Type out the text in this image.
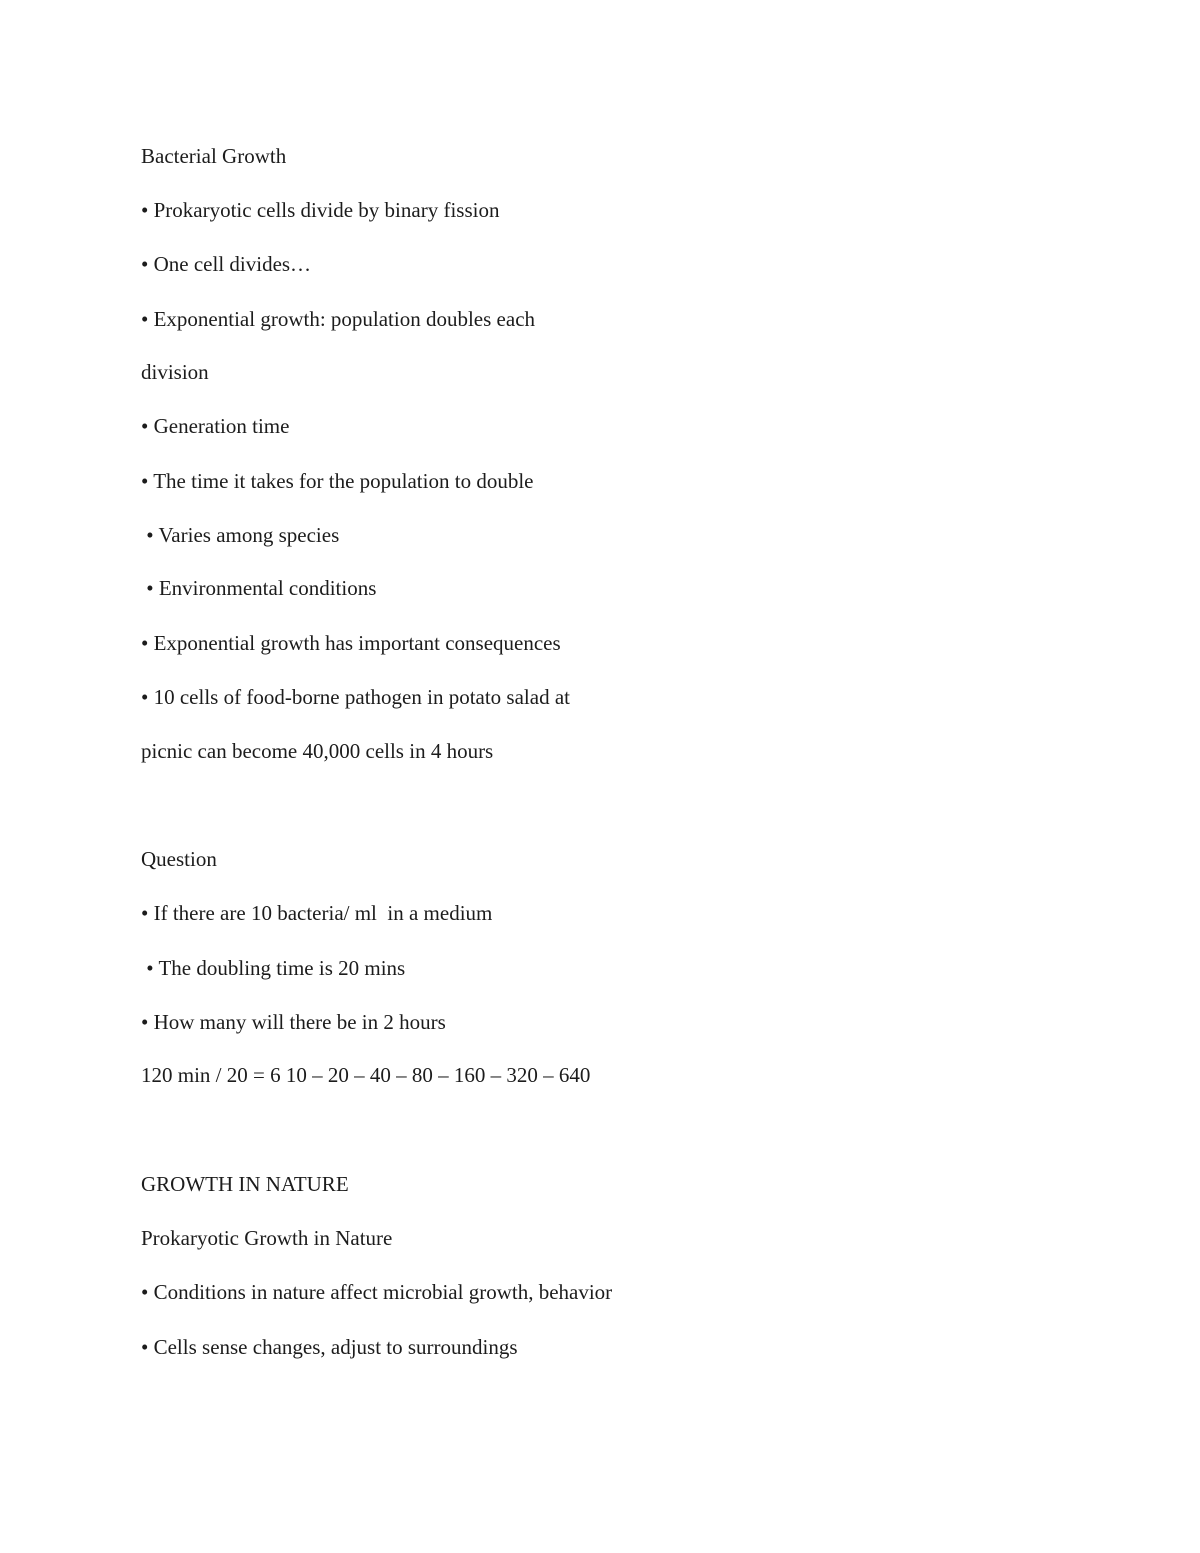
Bacterial Growth
• Prokaryotic cells divide by binary fission
• One cell divides…
• Exponential growth: population doubles each
division
• Generation time
• The time it takes for the population to double
• Varies among species
• Environmental conditions
• Exponential growth has important consequences
• 10 cells of food-borne pathogen in potato salad at
picnic can become 40,000 cells in 4 hours
Question
• If there are 10 bacteria/ ml  in a medium
• The doubling time is 20 mins
• How many will there be in 2 hours
120 min / 20 = 6 10 – 20 – 40 – 80 – 160 – 320 – 640
GROWTH IN NATURE
Prokaryotic Growth in Nature
• Conditions in nature affect microbial growth, behavior
• Cells sense changes, adjust to surroundings
